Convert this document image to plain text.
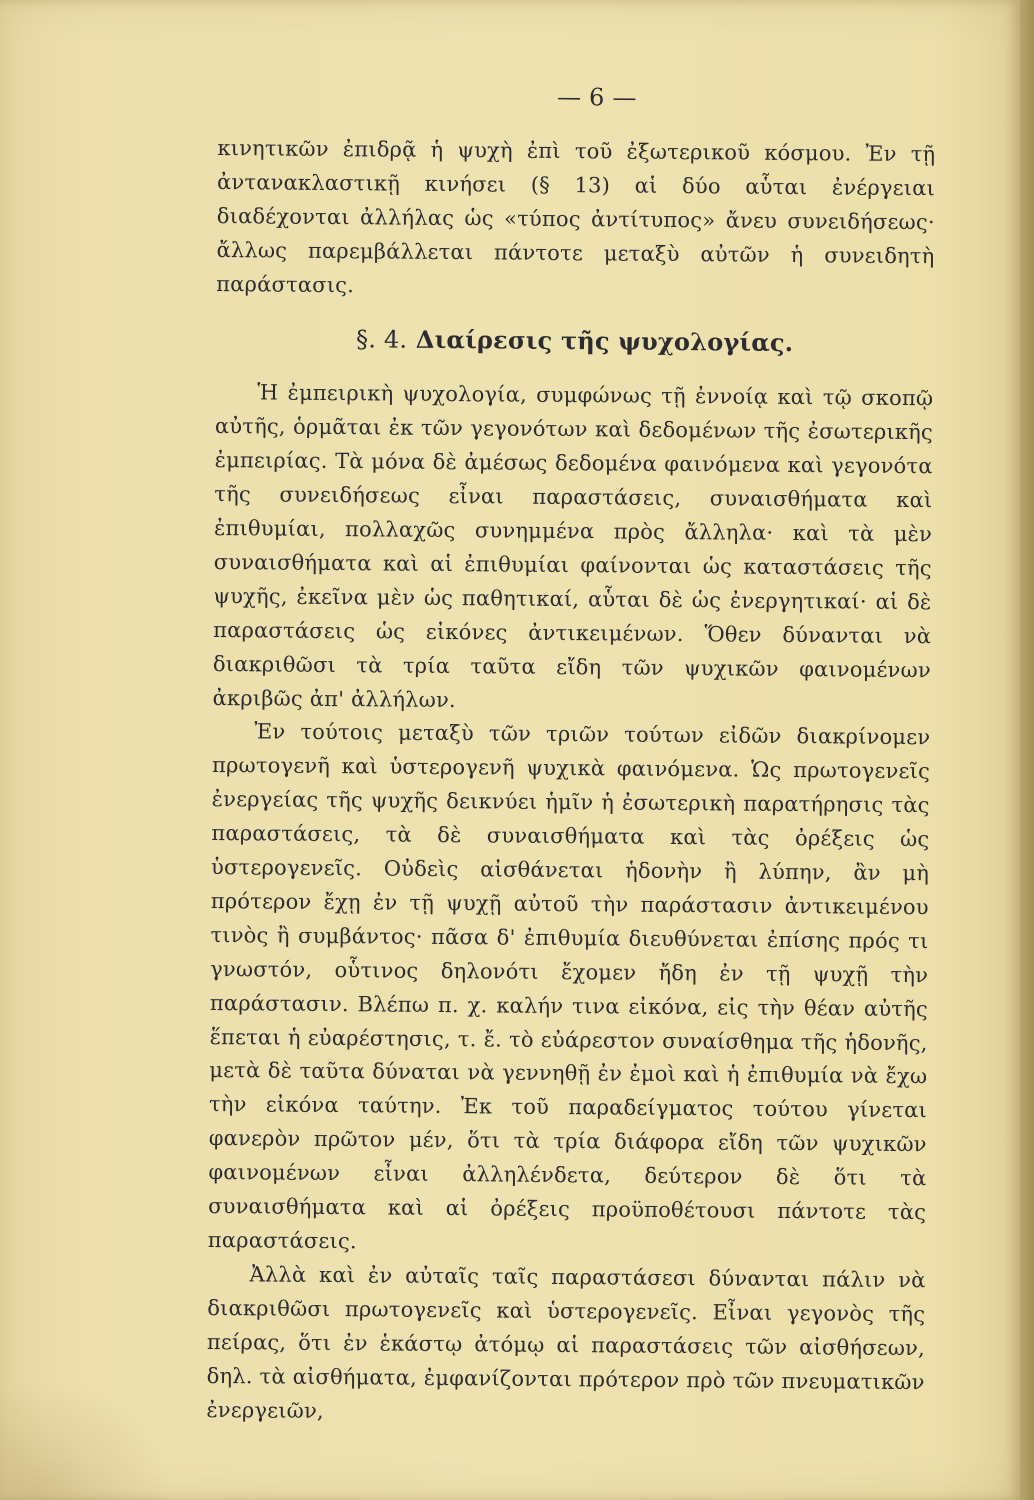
— 6 —

κινητικῶν ἐπιδρᾷ ἡ ψυχὴ ἐπὶ τοῦ ἐξωτερικοῦ κόσμου. Ἐν τῇ ἀντανακλαστικῇ κινήσει (§ 13) αἱ δύο αὗται ἐνέργειαι διαδέχονται ἀλλήλας ὡς «τύπος ἀντίτυπος» ἄνευ συνειδήσεως· ἄλλως παρεμβάλλεται πάντοτε μεταξὺ αὐτῶν ἡ συνειδητὴ παράστασις.

§. 4. Διαίρεσις τῆς ψυχολογίας.

Ἡ ἐμπειρικὴ ψυχολογία, συμφώνως τῇ ἐννοίᾳ καὶ τῷ σκοπῷ αὐτῆς, ὁρμᾶται ἐκ τῶν γεγονότων καὶ δεδομένων τῆς ἐσωτερικῆς ἐμπειρίας. Τὰ μόνα δὲ ἀμέσως δεδομένα φαινόμενα καὶ γεγονότα τῆς συνειδήσεως εἶναι παραστάσεις, συναισθήματα καὶ ἐπιθυμίαι, πολλαχῶς συνημμένα πρὸς ἄλληλα· καὶ τὰ μὲν συναισθήματα καὶ αἱ ἐπιθυμίαι φαίνονται ὡς καταστάσεις τῆς ψυχῆς, ἐκεῖνα μὲν ὡς παθητικαί, αὗται δὲ ὡς ἐνεργητικαί· αἱ δὲ παραστάσεις ὡς εἰκόνες ἀντικειμένων. Ὅθεν δύνανται νὰ διακριθῶσι τὰ τρία ταῦτα εἴδη τῶν ψυχικῶν φαινομένων ἀκριβῶς ἀπ' ἀλλήλων.

Ἐν τούτοις μεταξὺ τῶν τριῶν τούτων εἰδῶν διακρίνομεν πρωτογενῆ καὶ ὑστερογενῆ ψυχικὰ φαινόμενα. Ὡς πρωτογενεῖς ἐνεργείας τῆς ψυχῆς δεικνύει ἡμῖν ἡ ἐσωτερικὴ παρατήρησις τὰς παραστάσεις, τὰ δὲ συναισθήματα καὶ τὰς ὀρέξεις ὡς ὑστερογενεῖς. Οὐδεὶς αἰσθάνεται ἡδονὴν ἢ λύπην, ἂν μὴ πρότερον ἔχῃ ἐν τῇ ψυχῇ αὐτοῦ τὴν παράστασιν ἀντικειμένου τινὸς ἢ συμβάντος· πᾶσα δ' ἐπιθυμία διευθύνεται ἐπίσης πρός τι γνωστόν, οὗτινος δηλονότι ἔχομεν ἤδη ἐν τῇ ψυχῇ τὴν παράστασιν. Βλέπω π. χ. καλήν τινα εἰκόνα, εἰς τὴν θέαν αὐτῆς ἕπεται ἡ εὐαρέστησις, τ. ἔ. τὸ εὐάρεστον συναίσθημα τῆς ἡδονῆς, μετὰ δὲ ταῦτα δύναται νὰ γεννηθῇ ἐν ἐμοὶ καὶ ἡ ἐπιθυμία νὰ ἔχω τὴν εἰκόνα ταύτην. Ἐκ τοῦ παραδείγματος τούτου γίνεται φανερὸν πρῶτον μέν, ὅτι τὰ τρία διάφορα εἴδη τῶν ψυχικῶν φαινομένων εἶναι ἀλληλένδετα, δεύτερον δὲ ὅτι τὰ συναισθήματα καὶ αἱ ὀρέξεις προϋποθέτουσι πάντοτε τὰς παραστάσεις.

Ἀλλὰ καὶ ἐν αὐταῖς ταῖς παραστάσεσι δύνανται πάλιν νὰ διακριθῶσι πρωτογενεῖς καὶ ὑστερογενεῖς. Εἶναι γεγονὸς τῆς πείρας, ὅτι ἐν ἑκάστῳ ἀτόμῳ αἱ παραστάσεις τῶν αἰσθήσεων, δηλ. τὰ αἰσθήματα, ἐμφανίζονται πρότερον πρὸ τῶν πνευματικῶν ἐνεργειῶν,
